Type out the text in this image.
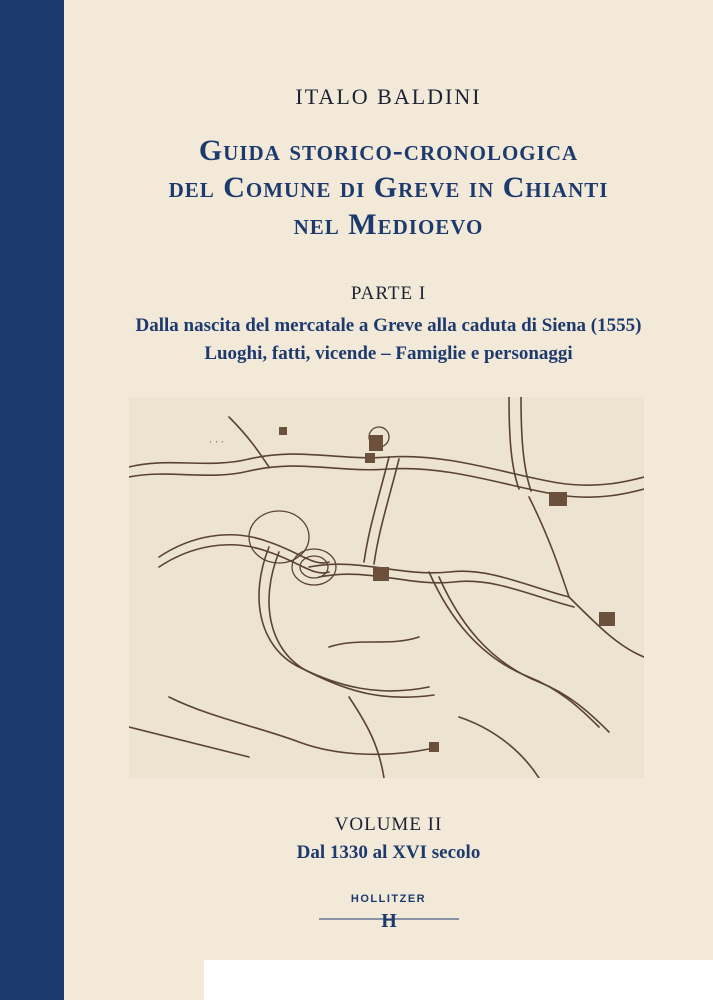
ITALO BALDINI
Guida storico-cronologica
del Comune di Greve in Chianti
nel Medioevo
PARTE I
Dalla nascita del mercatale a Greve alla caduta di Siena (1555)
Luoghi, fatti, vicende – Famiglie e personaggi
⋅ ⋅ ⋅
VOLUME II
Dal 1330 al XVI secolo
HOLLITZER
H
